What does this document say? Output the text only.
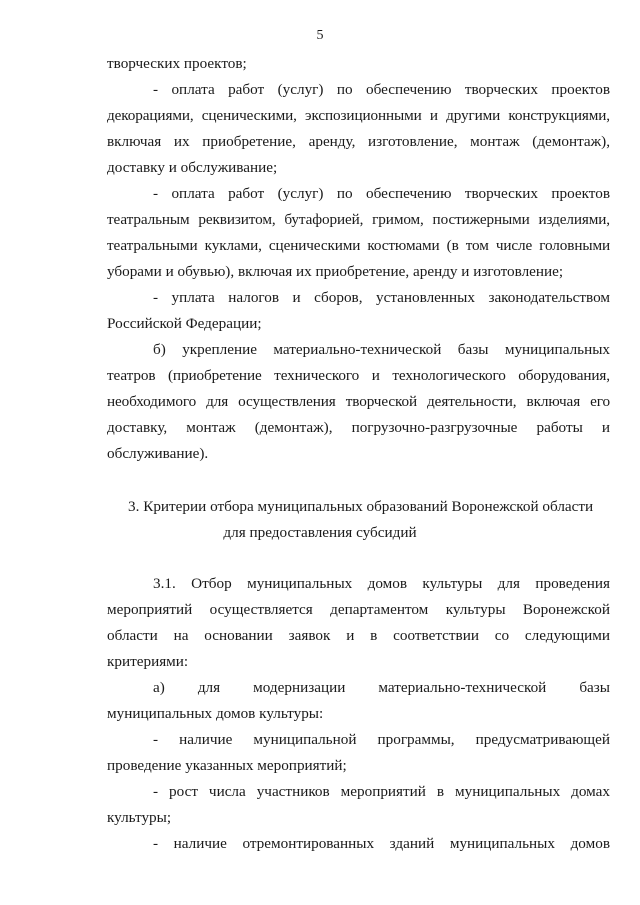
5
творческих проектов;
- оплата работ (услуг) по обеспечению творческих проектов
декорациями, сценическими, экспозиционными и другими конструкциями,
включая их приобретение, аренду, изготовление, монтаж (демонтаж),
доставку и обслуживание;
- оплата работ (услуг) по обеспечению творческих проектов
театральным реквизитом, бутафорией, гримом, постижерными изделиями,
театральными куклами, сценическими костюмами (в том числе головными
уборами и обувью), включая их приобретение, аренду и изготовление;
- уплата налогов и сборов, установленных законодательством
Российской Федерации;
б) укрепление материально-технической базы муниципальных
театров (приобретение технического и технологического оборудования,
необходимого для осуществления творческой деятельности, включая его
доставку, монтаж (демонтаж), погрузочно-разгрузочные работы и
обслуживание).
3. Критерии отбора муниципальных образований Воронежской области
для предоставления субсидий
3.1. Отбор муниципальных домов культуры для проведения
мероприятий осуществляется департаментом культуры Воронежской
области на основании заявок и в соответствии со следующими
критериями:
а) для модернизации материально-технической базы
муниципальных домов культуры:
- наличие муниципальной программы, предусматривающей
проведение указанных мероприятий;
- рост числа участников мероприятий в муниципальных домах
культуры;
- наличие отремонтированных зданий муниципальных домов
